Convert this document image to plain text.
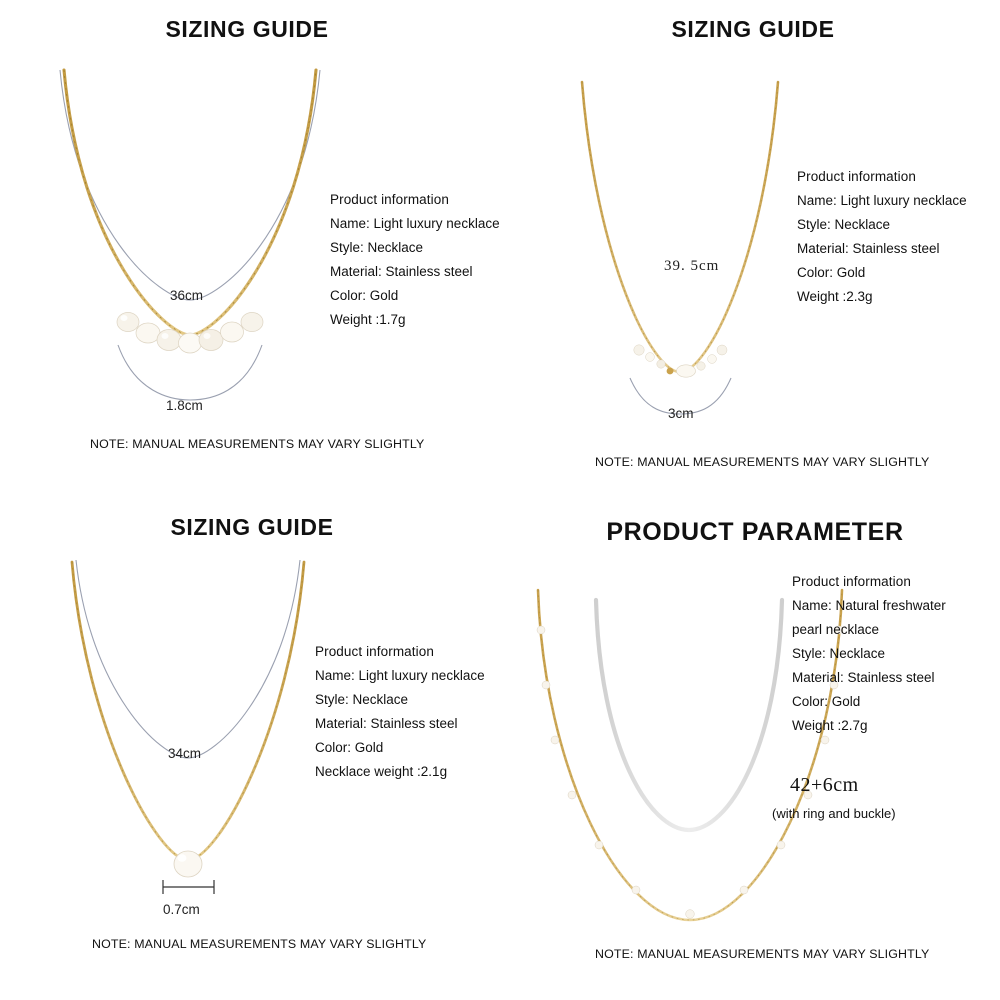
SIZING GUIDE
36cm
1.8cm
Product information
Name: Light luxury necklace
Style: Necklace
Material: Stainless steel
Color: Gold
Weight :1.7g
NOTE: MANUAL MEASUREMENTS MAY VARY SLIGHTLY
SIZING GUIDE
39. 5cm
3cm
Product information
Name: Light luxury necklace
Style: Necklace
Material: Stainless steel
Color: Gold
Weight :2.3g
NOTE: MANUAL MEASUREMENTS MAY VARY SLIGHTLY
SIZING GUIDE
34cm
0.7cm
Product information
Name: Light luxury necklace
Style: Necklace
Material: Stainless steel
Color: Gold
Necklace weight :2.1g
NOTE: MANUAL MEASUREMENTS MAY VARY SLIGHTLY
PRODUCT PARAMETER
Product information
Name: Natural freshwater
pearl necklace
Style: Necklace
Material: Stainless steel
Color: Gold
Weight :2.7g
42+6cm
(with ring and buckle)
NOTE: MANUAL MEASUREMENTS MAY VARY SLIGHTLY
